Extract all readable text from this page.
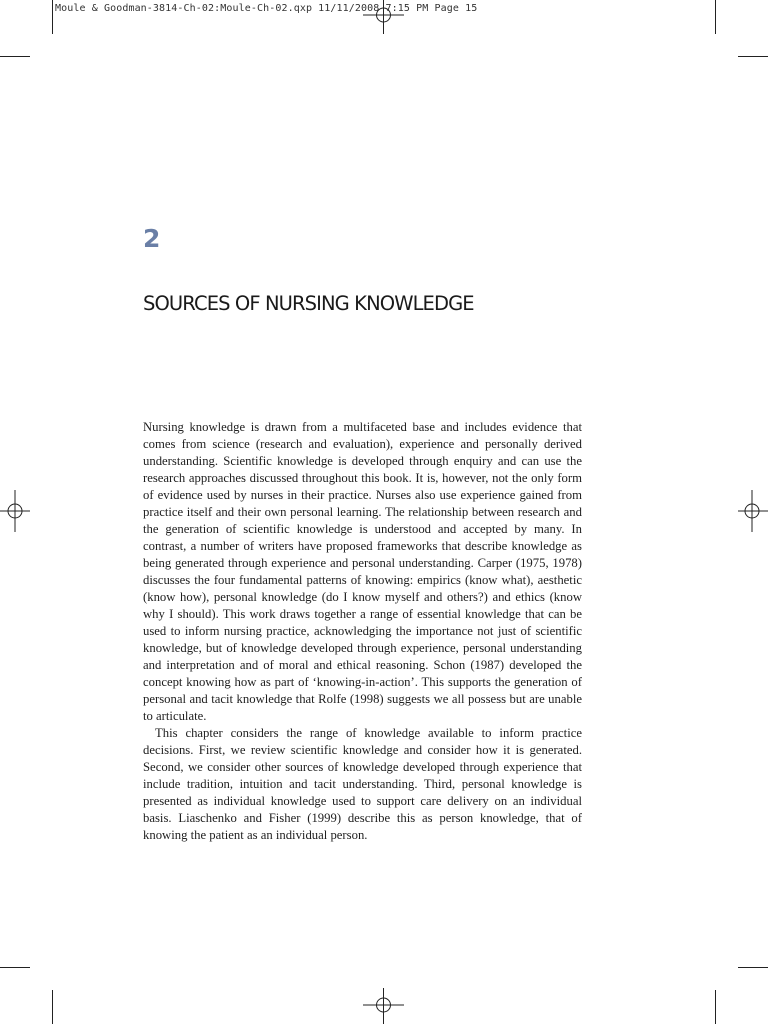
Moule & Goodman-3814-Ch-02:Moule-Ch-02.qxp 11/11/2008 7:15 PM Page 15
2
SOURCES OF NURSING KNOWLEDGE

Nursing knowledge is drawn from a multifaceted base and includes evidence that comes from science (research and evaluation), experience and personally derived understanding. Scientific knowledge is developed through enquiry and can use the research approaches discussed throughout this book. It is, however, not the only form of evidence used by nurses in their practice. Nurses also use experience gained from practice itself and their own personal learning. The relationship between research and the generation of scientific knowledge is understood and accepted by many. In contrast, a number of writers have proposed frameworks that describe knowledge as being generated through experience and personal understanding. Carper (1975, 1978) discusses the four fundamental patterns of knowing: empirics (know what), aesthetic (know how), personal knowledge (do I know myself and others?) and ethics (know why I should). This work draws together a range of essential knowledge that can be used to inform nursing practice, acknowledging the importance not just of scientific knowledge, but of knowledge developed through experience, personal understanding and interpretation and of moral and ethical reasoning. Schon (1987) developed the concept knowing how as part of ‘knowing-in-action’. This supports the generation of personal and tacit knowledge that Rolfe (1998) suggests we all possess but are unable to articulate.

This chapter considers the range of knowledge available to inform practice decisions. First, we review scientific knowledge and consider how it is generated. Second, we consider other sources of knowledge developed through experience that include tradition, intuition and tacit understanding. Third, personal knowledge is presented as individual knowledge used to support care delivery on an individual basis. Liaschenko and Fisher (1999) describe this as person knowledge, that of knowing the patient as an individual person.
